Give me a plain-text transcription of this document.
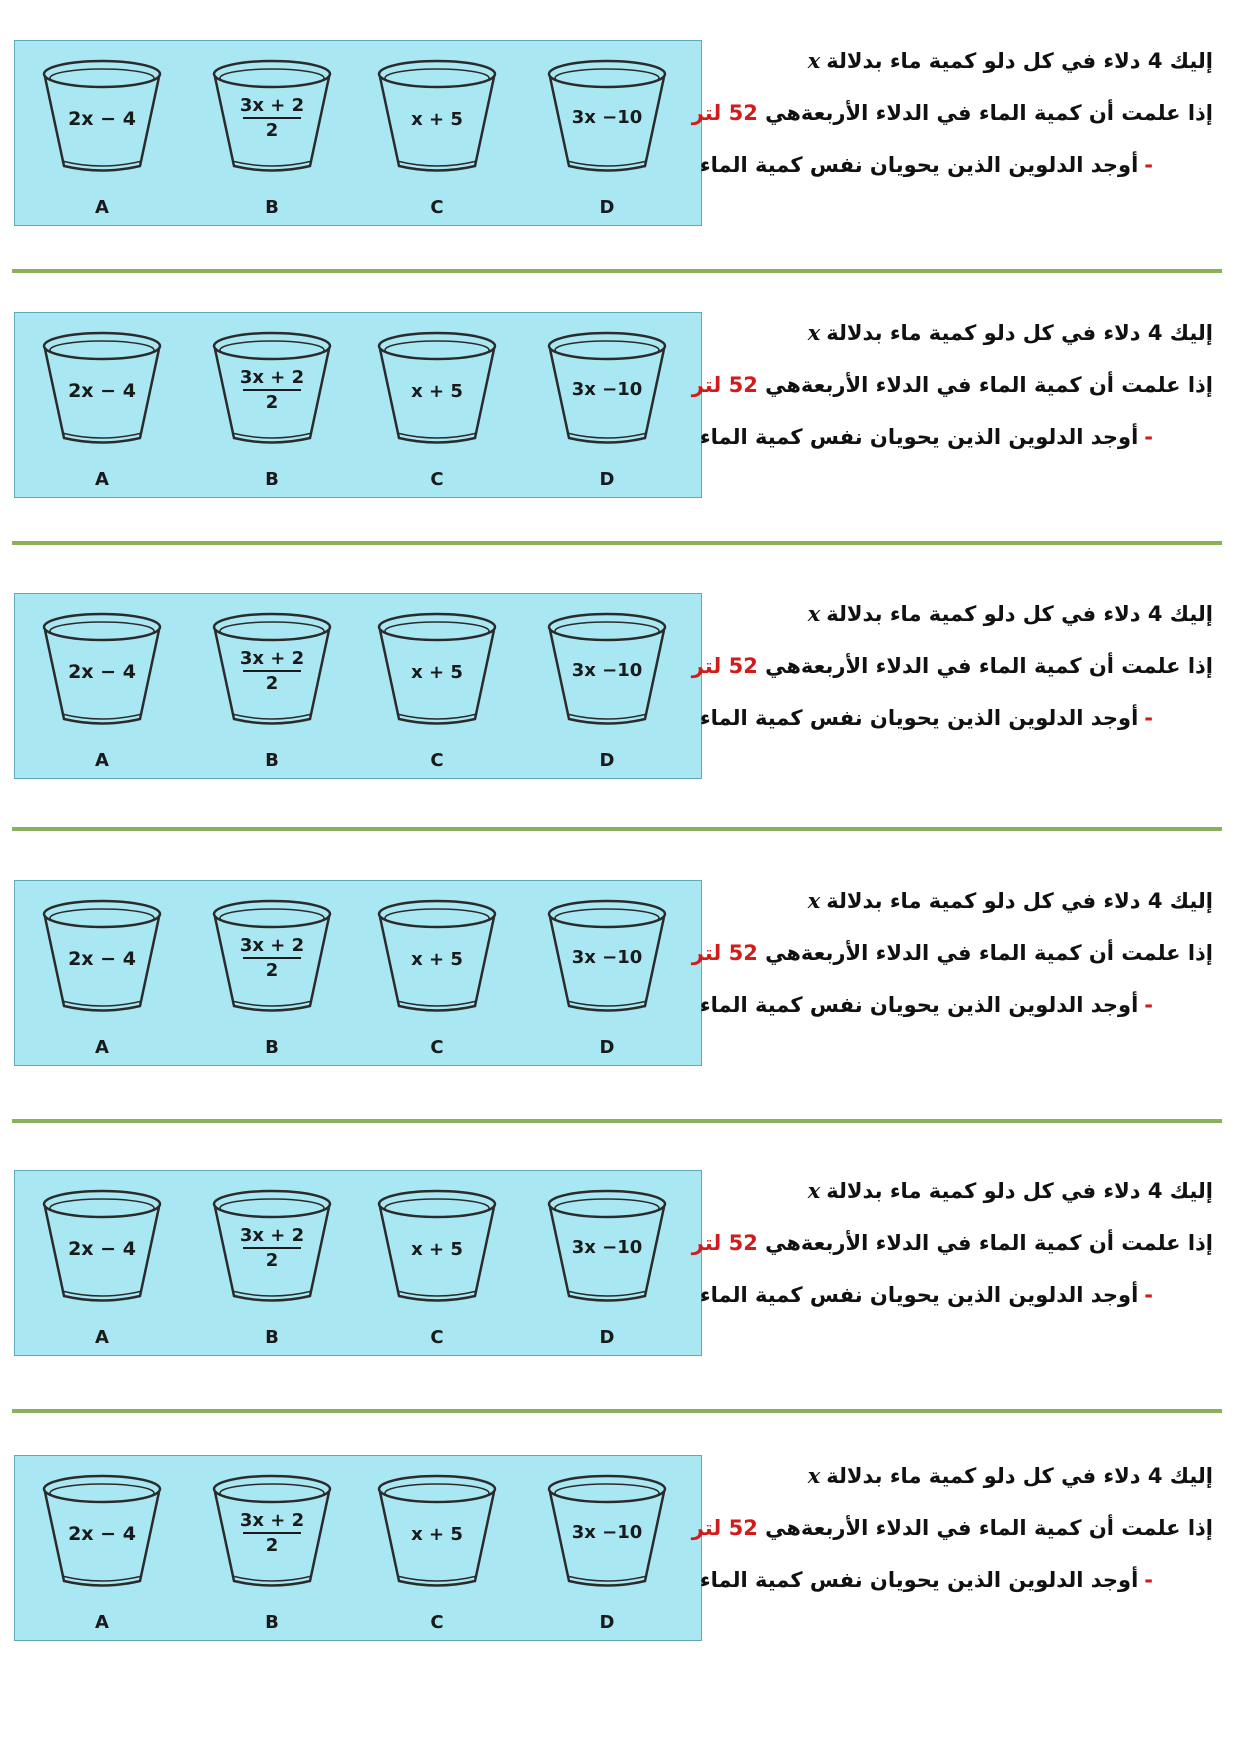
2x − 4
A
3x + 2
2
B
x + 5
C
3x −10
D
إليك 4 دلاء في كل دلو كمية ماء بدلالةx
إذا علمت أن كمية الماء في الدلاء الأربعةهي 52 لتر
-أوجد الدلوين الذين يحويان نفس كمية الماء
2x − 4
A
3x + 2
2
B
x + 5
C
3x −10
D
إليك 4 دلاء في كل دلو كمية ماء بدلالةx
إذا علمت أن كمية الماء في الدلاء الأربعةهي 52 لتر
-أوجد الدلوين الذين يحويان نفس كمية الماء
2x − 4
A
3x + 2
2
B
x + 5
C
3x −10
D
إليك 4 دلاء في كل دلو كمية ماء بدلالةx
إذا علمت أن كمية الماء في الدلاء الأربعةهي 52 لتر
-أوجد الدلوين الذين يحويان نفس كمية الماء
2x − 4
A
3x + 2
2
B
x + 5
C
3x −10
D
إليك 4 دلاء في كل دلو كمية ماء بدلالةx
إذا علمت أن كمية الماء في الدلاء الأربعةهي 52 لتر
-أوجد الدلوين الذين يحويان نفس كمية الماء
2x − 4
A
3x + 2
2
B
x + 5
C
3x −10
D
إليك 4 دلاء في كل دلو كمية ماء بدلالةx
إذا علمت أن كمية الماء في الدلاء الأربعةهي 52 لتر
-أوجد الدلوين الذين يحويان نفس كمية الماء
2x − 4
A
3x + 2
2
B
x + 5
C
3x −10
D
إليك 4 دلاء في كل دلو كمية ماء بدلالةx
إذا علمت أن كمية الماء في الدلاء الأربعةهي 52 لتر
-أوجد الدلوين الذين يحويان نفس كمية الماء
